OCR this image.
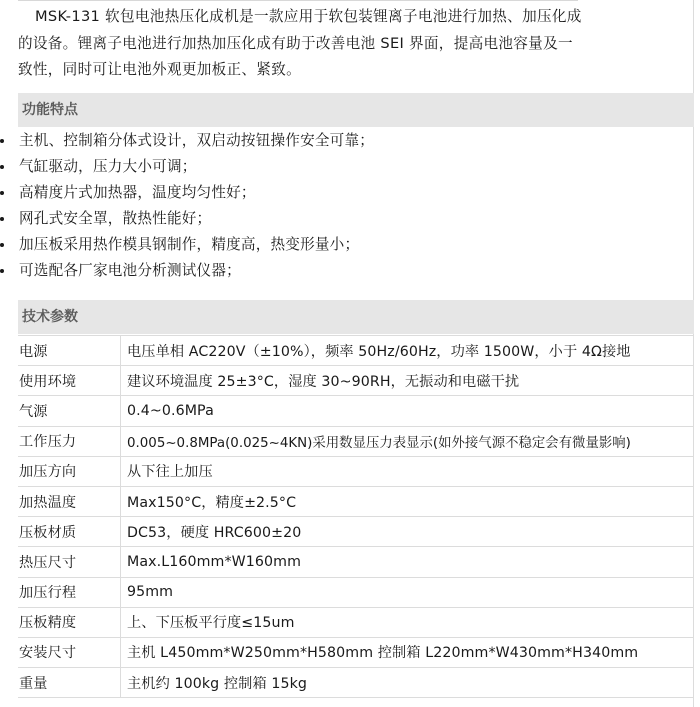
MSK-131 软包电池热压化成机是一款应用于软包装锂离子电池进行加热、加压化成的设备。锂离子电池进行加热加压化成有助于改善电池 SEI 界面，提高电池容量及一致性，同时可让电池外观更加板正、紧致。

功能特点
主机、控制箱分体式设计，双启动按钮操作安全可靠；
气缸驱动，压力大小可调；
高精度片式加热器，温度均匀性好；
网孔式安全罩，散热性能好；
加压板采用热作模具钢制作，精度高，热变形量小；
可选配各厂家电池分析测试仪器；
技术参数
电源	电压单相 AC220V（±10%），频率 50Hz/60Hz，功率 1500W，小于 4Ω接地
使用环境	建议环境温度 25±3°C，湿度 30~90RH，无振动和电磁干扰
气源	0.4~0.6MPa
工作压力	0.005~0.8MPa(0.025~4KN)采用数显压力表显示(如外接气源不稳定会有微量影响)
加压方向	从下往上加压
加热温度	Max150°C，精度±2.5°C
压板材质	DC53，硬度 HRC600±20
热压尺寸	Max.L160mm*W160mm
加压行程	95mm
压板精度	上、下压板平行度≤15um
安装尺寸	主机 L450mm*W250mm*H580mm 控制箱 L220mm*W430mm*H340mm
重量	主机约 100kg 控制箱 15kg
